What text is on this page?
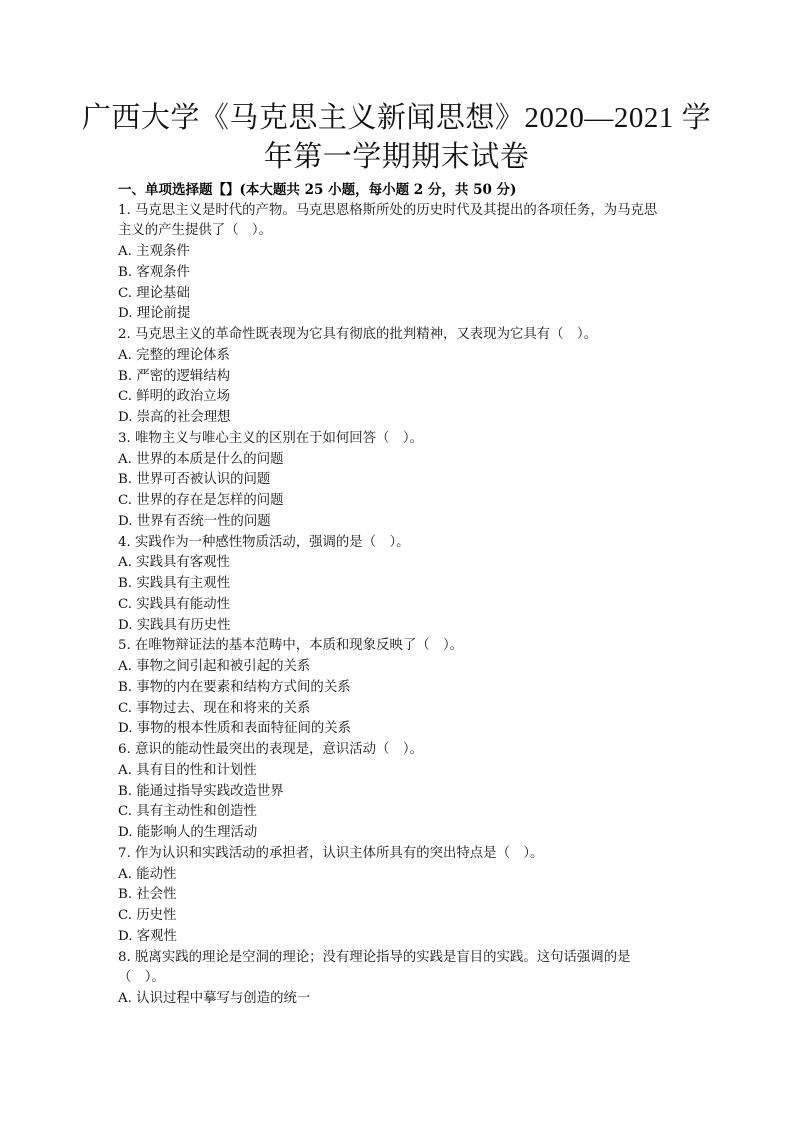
广西大学《马克思主义新闻思想》2020—2021 学
年第一学期期末试卷
一、单项选择题【】(本大题共 25 小题，每小题 2 分，共 50 分)
1. 马克思主义是时代的产物。马克思恩格斯所处的历史时代及其提出的各项任务，为马克思
主义的产生提供了（　）。
A. 主观条件
B. 客观条件
C. 理论基础
D. 理论前提
2. 马克思主义的革命性既表现为它具有彻底的批判精神，又表现为它具有（　）。
A. 完整的理论体系
B. 严密的逻辑结构
C. 鲜明的政治立场
D. 崇高的社会理想
3. 唯物主义与唯心主义的区别在于如何回答（　）。
A. 世界的本质是什么的问题
B. 世界可否被认识的问题
C. 世界的存在是怎样的问题
D. 世界有否统一性的问题
4. 实践作为一种感性物质活动，强调的是（　）。
A. 实践具有客观性
B. 实践具有主观性
C. 实践具有能动性
D. 实践具有历史性
5. 在唯物辩证法的基本范畴中，本质和现象反映了（　）。
A. 事物之间引起和被引起的关系
B. 事物的内在要素和结构方式间的关系
C. 事物过去、现在和将来的关系
D. 事物的根本性质和表面特征间的关系
6. 意识的能动性最突出的表现是，意识活动（　）。
A. 具有目的性和计划性
B. 能通过指导实践改造世界
C. 具有主动性和创造性
D. 能影响人的生理活动
7. 作为认识和实践活动的承担者，认识主体所具有的突出特点是（　）。
A. 能动性
B. 社会性
C. 历史性
D. 客观性
8. 脱离实践的理论是空洞的理论；没有理论指导的实践是盲目的实践。这句话强调的是
（　）。
A. 认识过程中摹写与创造的统一
